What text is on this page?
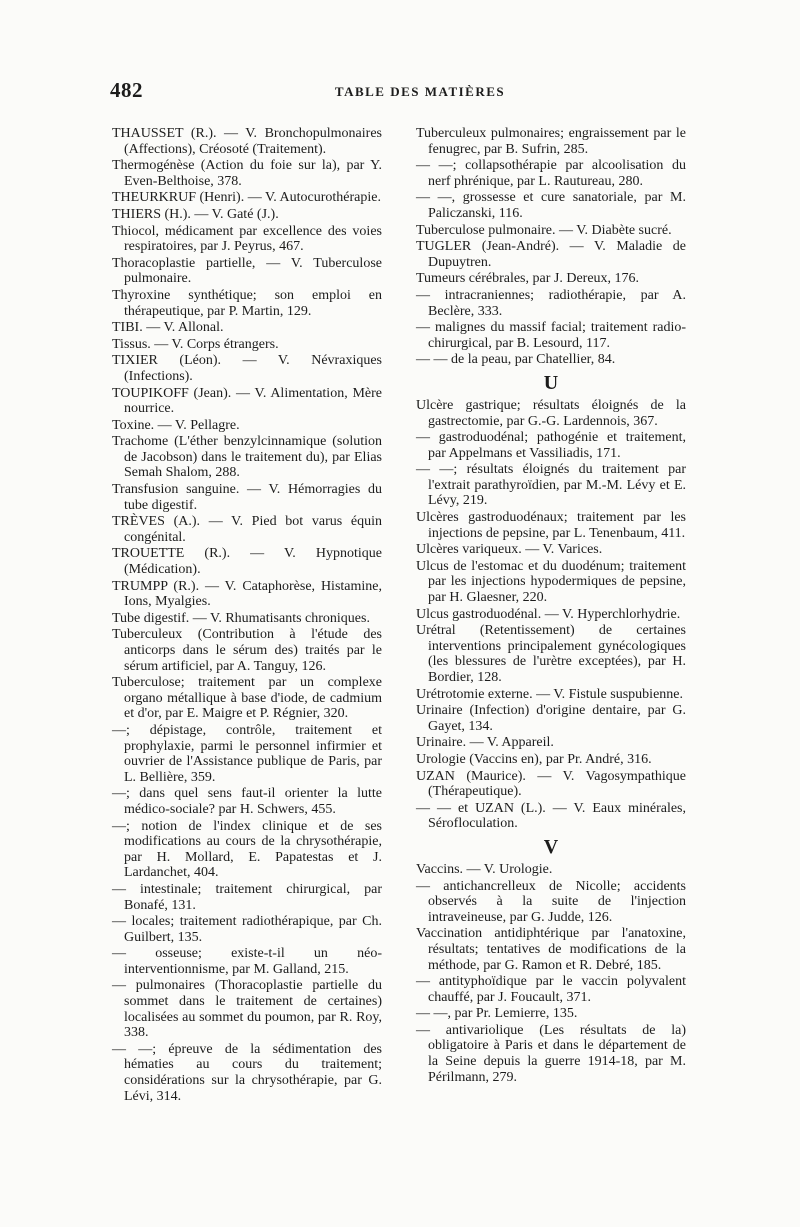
482	TABLE DES MATIÈRES

THAUSSET (R.). — V. Bronchopulmonaires (Affections), Créosoté (Traitement).

Thermogénèse (Action du foie sur la), par Y. Even-Belthoise, 378.

THEURKRUF (Henri). — V. Autocurothérapie.

THIERS (H.). — V. Gaté (J.).

Thiocol, médicament par excellence des voies respiratoires, par J. Peyrus, 467.

Thoracoplastie partielle, — V. Tuberculose pulmonaire.

Thyroxine synthétique; son emploi en thérapeutique, par P. Martin, 129.

TIBI. — V. Allonal.

Tissus. — V. Corps étrangers.

TIXIER (Léon). — V. Névraxiques (Infections).

TOUPIKOFF (Jean). — V. Alimentation, Mère nourrice.

Toxine. — V. Pellagre.

Trachome (L'éther benzylcinnamique (solution de Jacobson) dans le traitement du), par Elias Semah Shalom, 288.

Transfusion sanguine. — V. Hémorragies du tube digestif.

TRÈVES (A.). — V. Pied bot varus équin congénital.

TROUETTE (R.). — V. Hypnotique (Médication).

TRUMPP (R.). — V. Cataphorèse, Histamine, Ions, Myalgies.

Tube digestif. — V. Rhumatisants chroniques.

Tuberculeux (Contribution à l'étude des anticorps dans le sérum des) traités par le sérum artificiel, par A. Tanguy, 126.

Tuberculose; traitement par un complexe organo métallique à base d'iode, de cadmium et d'or, par E. Maigre et P. Régnier, 320.

—; dépistage, contrôle, traitement et prophylaxie, parmi le personnel infirmier et ouvrier de l'Assistance publique de Paris, par L. Bellière, 359.

—; dans quel sens faut-il orienter la lutte médico-sociale? par H. Schwers, 455.

—; notion de l'index clinique et de ses modifications au cours de la chrysothérapie, par H. Mollard, E. Papatestas et J. Lardanchet, 404.

— intestinale; traitement chirurgical, par Bonafé, 131.

— locales; traitement radiothérapique, par Ch. Guilbert, 135.

— osseuse; existe-t-il un néo-interventionnisme, par M. Galland, 215.

— pulmonaires (Thoracoplastie partielle du sommet dans le traitement de certaines) localisées au sommet du poumon, par R. Roy, 338.

— —; épreuve de la sédimentation des hématies au cours du traitement; considérations sur la chrysothérapie, par G. Lévi, 314.

Tuberculeux pulmonaires; engraissement par le fenugrec, par B. Sufrin, 285.

— —; collapsothérapie par alcoolisation du nerf phrénique, par L. Rautureau, 280.

— —, grossesse et cure sanatoriale, par M. Paliczanski, 116.

Tuberculose pulmonaire. — V. Diabète sucré.

TUGLER (Jean-André). — V. Maladie de Dupuytren.

Tumeurs cérébrales, par J. Dereux, 176.

— intracraniennes; radiothérapie, par A. Beclère, 333.

— malignes du massif facial; traitement radio-chirurgical, par B. Lesourd, 117.

— — de la peau, par Chatellier, 84.

U

Ulcère gastrique; résultats éloignés de la gastrectomie, par G.-G. Lardennois, 367.

— gastroduodénal; pathogénie et traitement, par Appelmans et Vassiliadis, 171.

— —; résultats éloignés du traitement par l'extrait parathyroïdien, par M.-M. Lévy et E. Lévy, 219.

Ulcères gastroduodénaux; traitement par les injections de pepsine, par L. Tenenbaum, 411.

Ulcères variqueux. — V. Varices.

Ulcus de l'estomac et du duodénum; traitement par les injections hypodermiques de pepsine, par H. Glaesner, 220.

Ulcus gastroduodénal. — V. Hyperchlorhydrie.

Urétral (Retentissement) de certaines interventions principalement gynécologiques (les blessures de l'urètre exceptées), par H. Bordier, 128.

Urétrotomie externe. — V. Fistule suspubienne.

Urinaire (Infection) d'origine dentaire, par G. Gayet, 134.

Urinaire. — V. Appareil.

Urologie (Vaccins en), par Pr. André, 316.

UZAN (Maurice). — V. Vagosympathique (Thérapeutique).

— — et UZAN (L.). — V. Eaux minérales, Sérofloculation.

V

Vaccins. — V. Urologie.

— antichancrelleux de Nicolle; accidents observés à la suite de l'injection intraveineuse, par G. Judde, 126.

Vaccination antidiphtérique par l'anatoxine, résultats; tentatives de modifications de la méthode, par G. Ramon et R. Debré, 185.

— antityphoïdique par le vaccin polyvalent chauffé, par J. Foucault, 371.

— —, par Pr. Lemierre, 135.

— antivariolique (Les résultats de la) obligatoire à Paris et dans le département de la Seine depuis la guerre 1914-18, par M. Périlmann, 279.
